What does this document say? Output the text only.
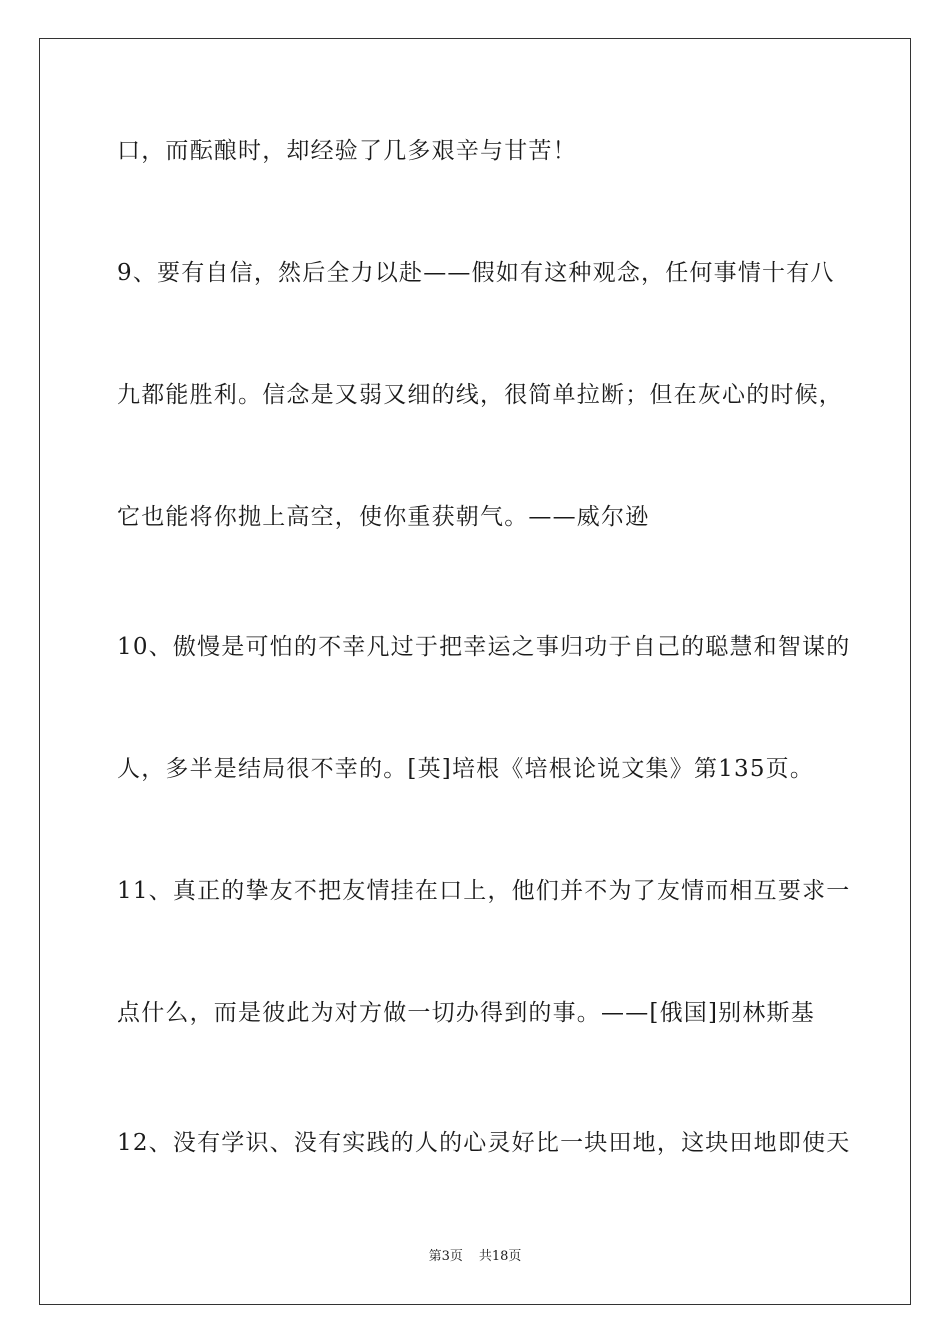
口，而酝酿时，却经验了几多艰辛与甘苦！
9、要有自信，然后全力以赴——假如有这种观念，任何事情十有八
九都能胜利。信念是又弱又细的线，很简单拉断；但在灰心的时候，
它也能将你抛上高空，使你重获朝气。——威尔逊
10、傲慢是可怕的不幸凡过于把幸运之事归功于自己的聪慧和智谋的
人，多半是结局很不幸的。[英]培根《培根论说文集》第135页。
11、真正的挚友不把友情挂在口上，他们并不为了友情而相互要求一
点什么，而是彼此为对方做一切办得到的事。——[俄国]别林斯基
12、没有学识、没有实践的人的心灵好比一块田地，这块田地即使天
第3页 共18页
